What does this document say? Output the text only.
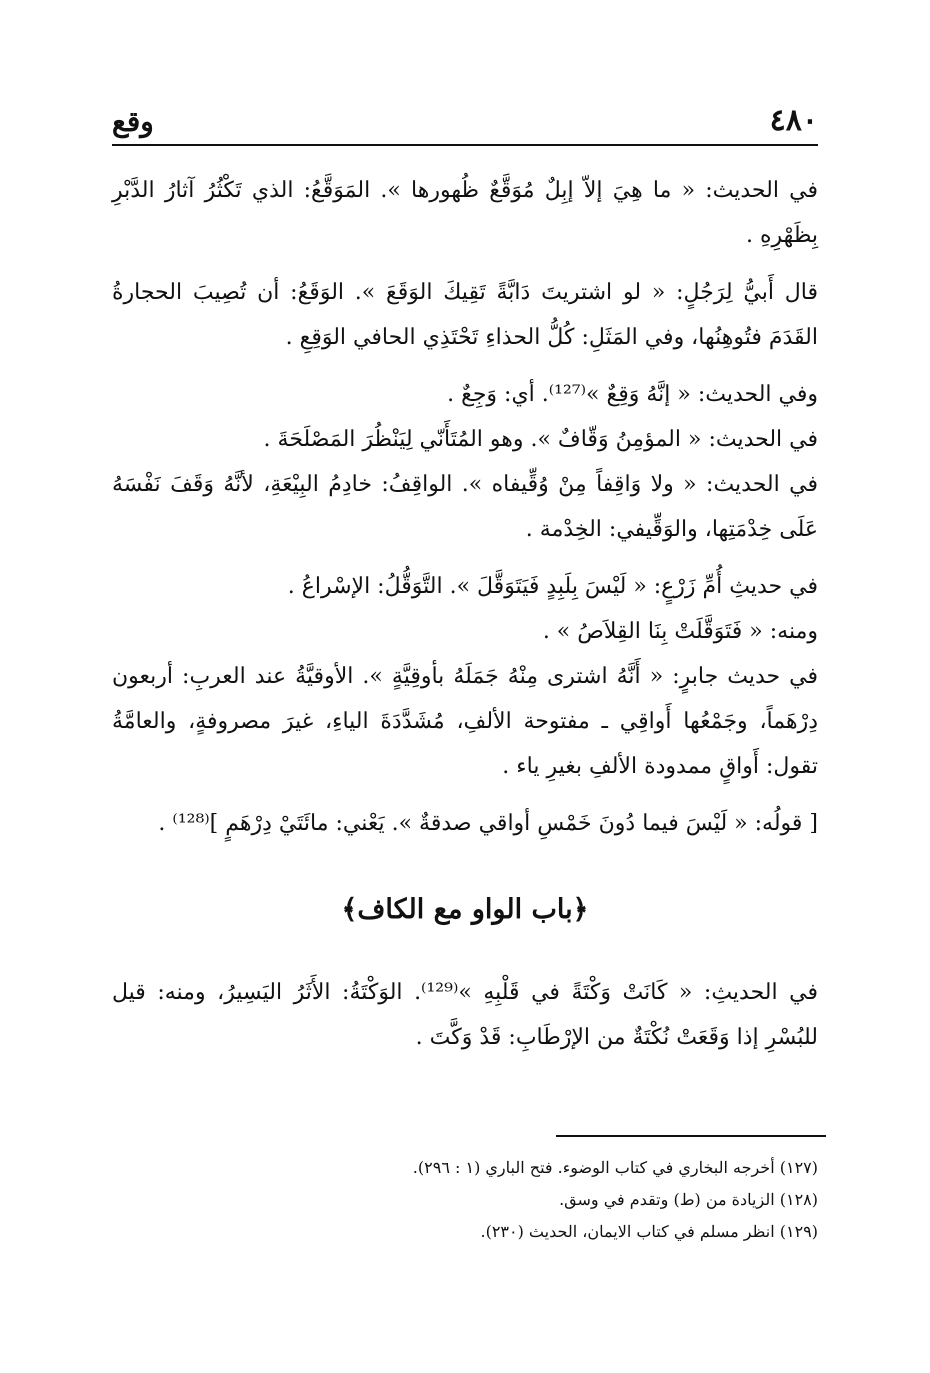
٤٨٠
وقع

في الحديث: « ما هِيَ إلاّ إبِلٌ مُوَقَّعٌ ظُهورها ». المَوَقَّعُ: الذي تَكْثُرُ آثارُ الدَّبْرِ بِظَهْرِهِ .

قال أَبيُّ لِرَجُلٍ: « لو اشتريتَ دَابَّةً تَقِيكَ الوَقَعَ ». الوَقَعُ: أن تُصِيبَ الحجارةُ القَدَمَ فتُوهِنُها، وفي المَثَلِ: كُلُّ الحذاءِ تَحْتَذِي الحافي الوَقِعِ .

وفي الحديث: « إنَّهُ وَقِعٌ »⁽¹²⁷⁾. أي: وَجِعٌ .

في الحديث: « المؤمِنُ وَقّافٌ ». وهو المُتَأَنّي لِيَنْظُرَ المَصْلَحَةَ .

في الحديث: « ولا وَاقِفاً مِنْ وُقِّيفاه ». الواقِفُ: خادِمُ البِيْعَةِ، لأنَّهُ وَقَفَ نَفْسَهُ عَلَى خِدْمَتِها، والوَقِّيفي: الخِدْمة .

في حديثِ أُمِّ زَرْعٍ: « لَيْسَ بِلَبِدٍ فَيَتَوَقَّلَ ». التَّوَقُّلُ: الإسْراعُ .

ومنه: « فَتَوَقَّلَتْ بِنَا القِلاَصُ » .

في حديث جابرٍ: « أَنَّهُ اشترى مِنْهُ جَمَلَهُ بأوقِيَّةٍ ». الأوقيَّةُ عند العربِ: أربعون دِرْهَماً، وجَمْعُها أَواقِي ـ مفتوحة الألفِ، مُشَدَّدَةَ الياءِ، غيرَ مصروفةٍ، والعامَّةُ تقول: أَواقٍ ممدودة الألفِ بغيرِ ياء .

[ قولُه: « لَيْسَ فيما دُونَ خَمْسِ أواقي صدقةٌ ». يَعْني: مائَتَيْ دِرْهَمٍ ]⁽¹²⁸⁾ .

﴿باب الواو مع الكاف﴾

في الحديثِ: « كَانَتْ وَكْتَةً في قَلْبِهِ »⁽¹²⁹⁾. الوَكْتَةُ: الأَثَرُ اليَسِيرُ، ومنه: قيل للبُسْرِ إذا وَقَعَتْ نُكْتَةٌ من الإرْطَابِ: قَدْ وَكَّتَ .

(١٢٧) أخرجه البخاري في كتاب الوضوء. فتح الباري (١ : ٢٩٦).

(١٢٨) الزيادة من (ط) وتقدم في وسق.

(١٢٩) انظر مسلم في كتاب الايمان، الحديث (٢٣٠).
